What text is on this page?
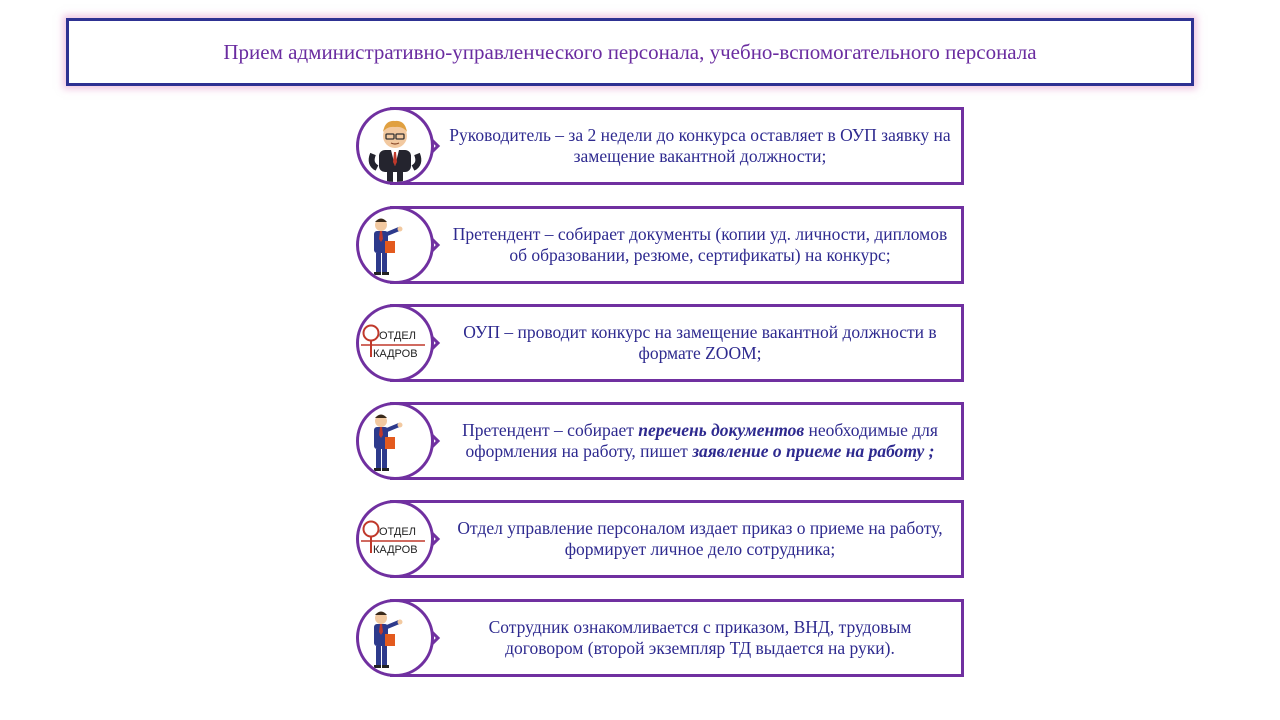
Прием административно-управленческого персонала, учебно-вспомогательного персонала
Руководитель – за 2 недели до конкурса оставляет в ОУП заявку на замещение вакантной должности;
Претендент – собирает документы (копии уд. личности, дипломов об образовании, резюме, сертификаты) на конкурс;
ОТДЕЛ
КАДРОВ
ОУП – проводит конкурс на замещение вакантной должности в формате ZOOM;
Претендент – собирает перечень документов необходимые для оформления на работу, пишет заявление о приеме на работу ;
ОТДЕЛ
КАДРОВ
Отдел управление персоналом издает приказ о приеме на работу, формирует личное дело сотрудника;
Сотрудник ознакомливается с приказом, ВНД, трудовым договором (второй экземпляр ТД выдается на руки).
